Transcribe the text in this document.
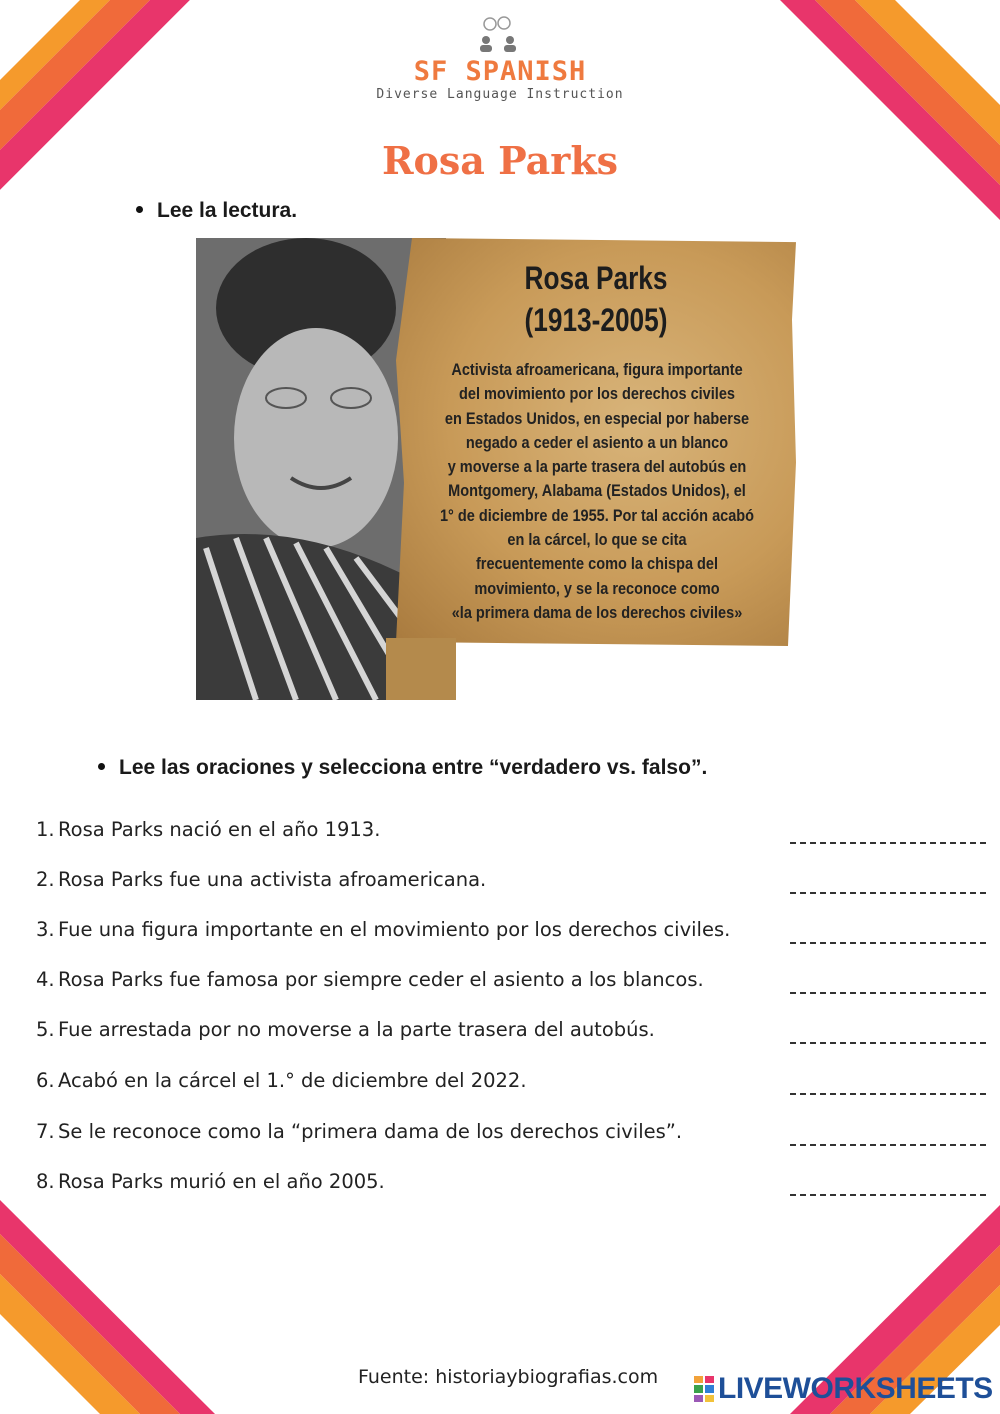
SF SPANISH
Diverse Language Instruction
Rosa Parks
Lee la lectura.
Rosa Parks
(1913-2005)
Activista afroamericana, figura importante
del movimiento por los derechos civiles
en Estados Unidos, en especial por haberse
negado a ceder el asiento a un blanco
y moverse a la parte trasera del autobús en
Montgomery, Alabama (Estados Unidos), el
1° de diciembre de 1955. Por tal acción acabó
en la cárcel, lo que se cita
frecuentemente como la chispa del
movimiento, y se la reconoce como
«la primera dama de los derechos civiles»
Lee las oraciones y selecciona entre “verdadero vs. falso”.
1. Rosa Parks nació en el año 1913.
2. Rosa Parks fue una activista afroamericana.
3. Fue una figura importante en el movimiento por los derechos civiles.
4. Rosa Parks fue famosa por siempre ceder el asiento a los blancos.
5. Fue arrestada por no moverse a la parte trasera del autobús.
6. Acabó en la cárcel el 1.° de diciembre del 2022.
7. Se le reconoce como la “primera dama de los derechos civiles”.
8. Rosa Parks murió en el año 2005.
Fuente: historiaybiografias.com LIVEWORKSHEETS
